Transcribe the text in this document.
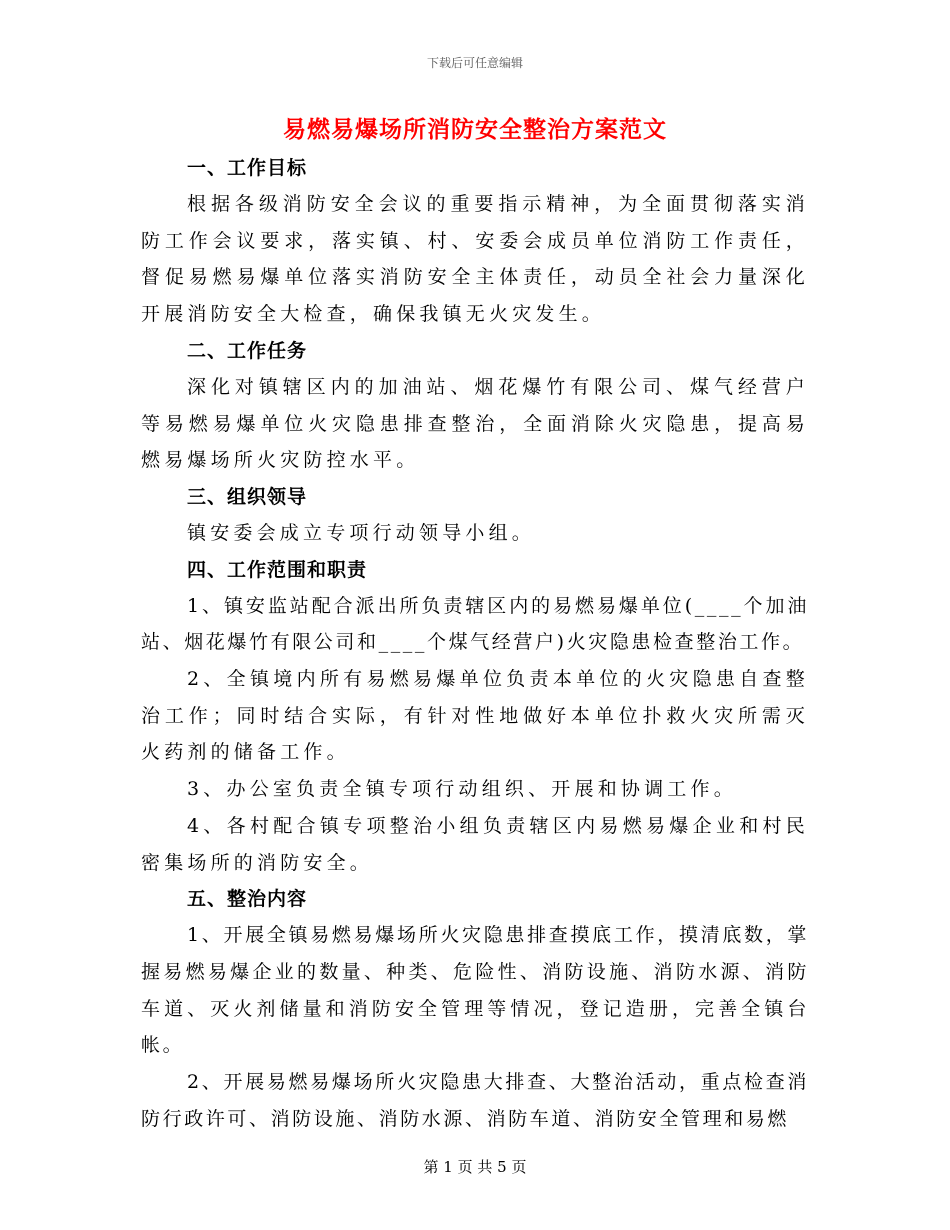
下载后可任意编辑
易燃易爆场所消防安全整治方案范文

一、工作目标

根据各级消防安全会议的重要指示精神，为全面贯彻落实消防工作会议要求，落实镇、村、安委会成员单位消防工作责任，督促易燃易爆单位落实消防安全主体责任，动员全社会力量深化开展消防安全大检查，确保我镇无火灾发生。

二、工作任务

深化对镇辖区内的加油站、烟花爆竹有限公司、煤气经营户等易燃易爆单位火灾隐患排查整治，全面消除火灾隐患，提高易燃易爆场所火灾防控水平。

三、组织领导

镇安委会成立专项行动领导小组。

四、工作范围和职责

1、镇安监站配合派出所负责辖区内的易燃易爆单位(____个加油站、烟花爆竹有限公司和____个煤气经营户)火灾隐患检查整治工作。

2、全镇境内所有易燃易爆单位负责本单位的火灾隐患自查整治工作；同时结合实际，有针对性地做好本单位扑救火灾所需灭火药剂的储备工作。

3、办公室负责全镇专项行动组织、开展和协调工作。

4、各村配合镇专项整治小组负责辖区内易燃易爆企业和村民密集场所的消防安全。

五、整治内容

1、开展全镇易燃易爆场所火灾隐患排查摸底工作，摸清底数，掌握易燃易爆企业的数量、种类、危险性、消防设施、消防水源、消防车道、灭火剂储量和消防安全管理等情况，登记造册，完善全镇台帐。

2、开展易燃易爆场所火灾隐患大排查、大整治活动，重点检查消防行政许可、消防设施、消防水源、消防车道、消防安全管理和易燃

第 1 页 共 5 页
